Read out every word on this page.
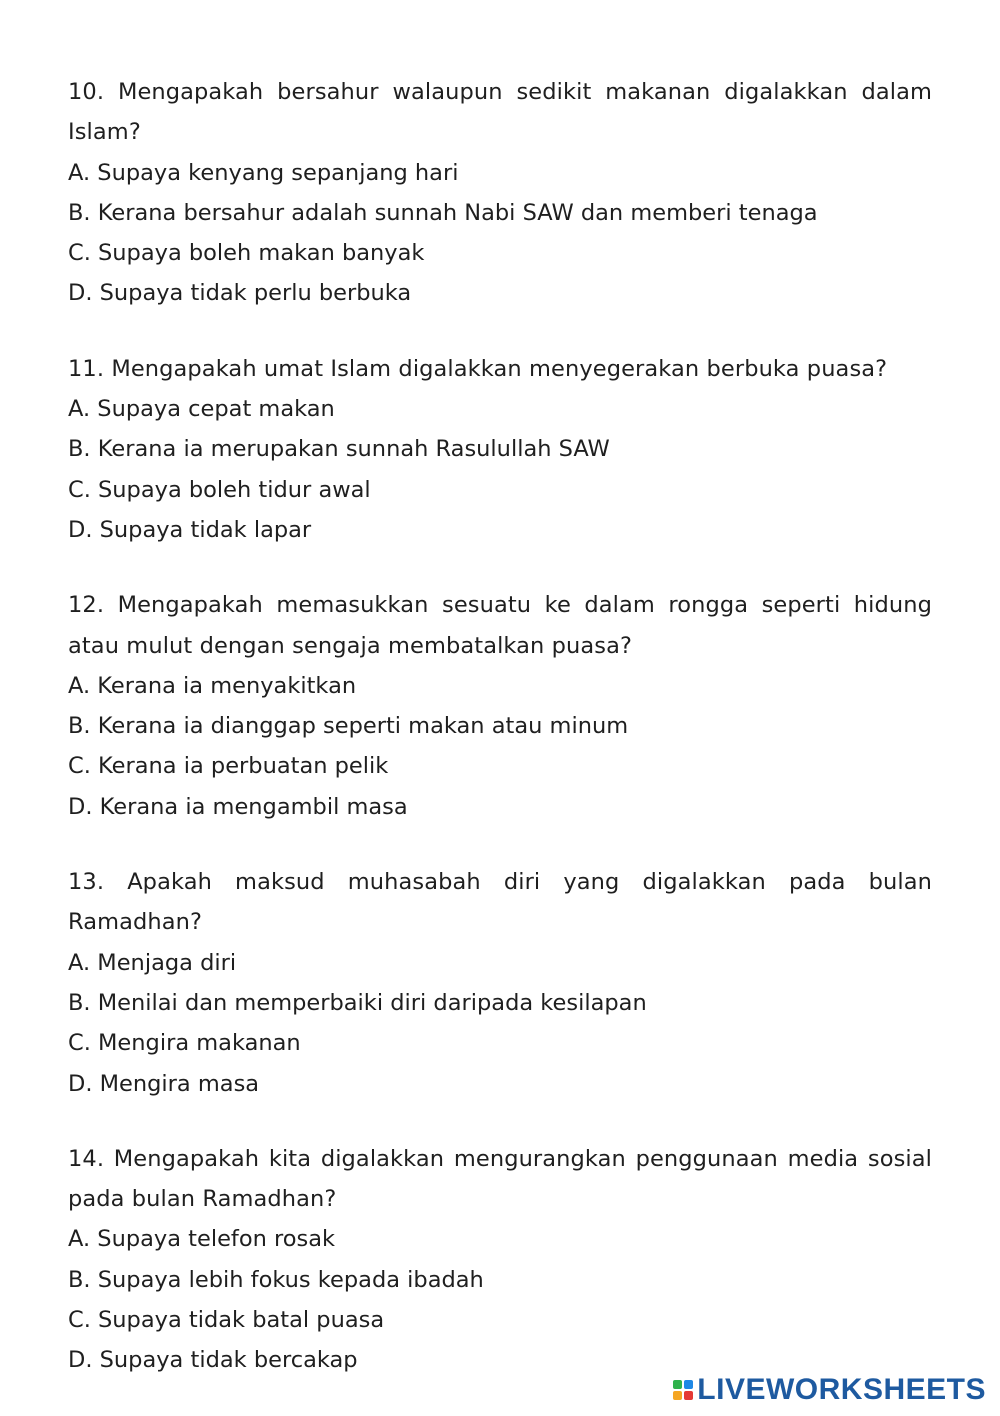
10. Mengapakah bersahur walaupun sedikit makanan digalakkan dalam Islam?

A. Supaya kenyang sepanjang hari

B. Kerana bersahur adalah sunnah Nabi SAW dan memberi tenaga

C. Supaya boleh makan banyak

D. Supaya tidak perlu berbuka

11. Mengapakah umat Islam digalakkan menyegerakan berbuka puasa?

A. Supaya cepat makan

B. Kerana ia merupakan sunnah Rasulullah SAW

C. Supaya boleh tidur awal

D. Supaya tidak lapar

12. Mengapakah memasukkan sesuatu ke dalam rongga seperti hidung atau mulut dengan sengaja membatalkan puasa?

A. Kerana ia menyakitkan

B. Kerana ia dianggap seperti makan atau minum

C. Kerana ia perbuatan pelik

D. Kerana ia mengambil masa

13. Apakah maksud muhasabah diri yang digalakkan pada bulan Ramadhan?

A. Menjaga diri

B. Menilai dan memperbaiki diri daripada kesilapan

C. Mengira makanan

D. Mengira masa

14. Mengapakah kita digalakkan mengurangkan penggunaan media sosial pada bulan Ramadhan?

A. Supaya telefon rosak

B. Supaya lebih fokus kepada ibadah

C. Supaya tidak batal puasa

D. Supaya tidak bercakap

LIVEWORKSHEETS
